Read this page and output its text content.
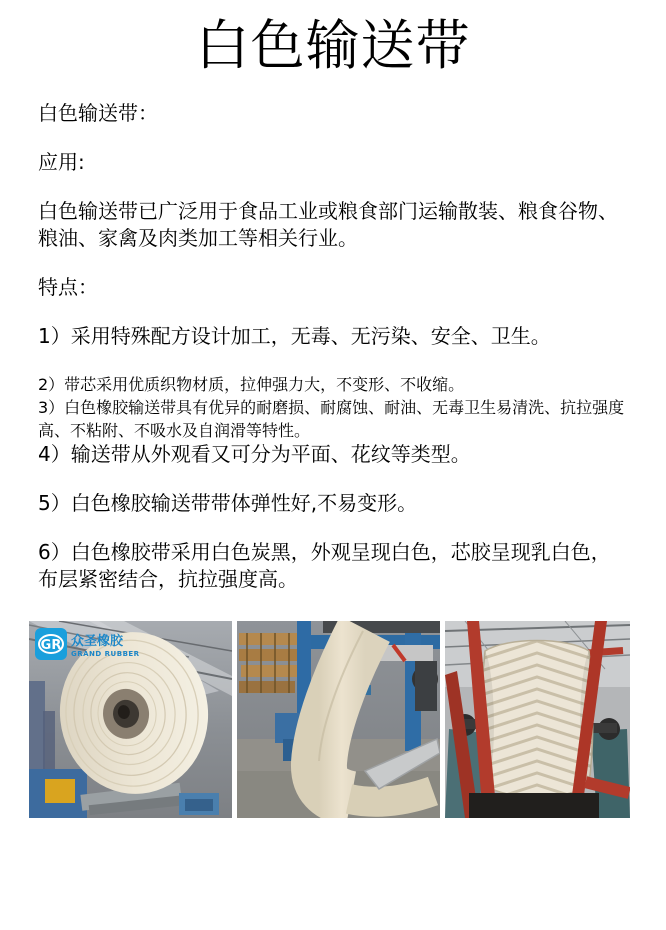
白色输送带

白色输送带：

应用:

白色输送带已广泛用于食品工业或粮食部门运输散装、粮食谷物、粮油、家禽及肉类加工等相关行业。

特点：

1）采用特殊配方设计加工，无毒、无污染、安全、卫生。

2）带芯采用优质织物材质，拉伸强力大，不变形、不收缩。
3）白色橡胶输送带具有优异的耐磨损、耐腐蚀、耐油、无毒卫生易清洗、抗拉强度高、不粘附、不吸水及自润滑等特性。

4）输送带从外观看又可分为平面、花纹等类型。

5）白色橡胶输送带带体弹性好,不易变形。

6）白色橡胶带采用白色炭黑，外观呈现白色，芯胶呈现乳白色，布层紧密结合，抗拉强度高。

GR 众圣橡胶
GRAND RUBBER
